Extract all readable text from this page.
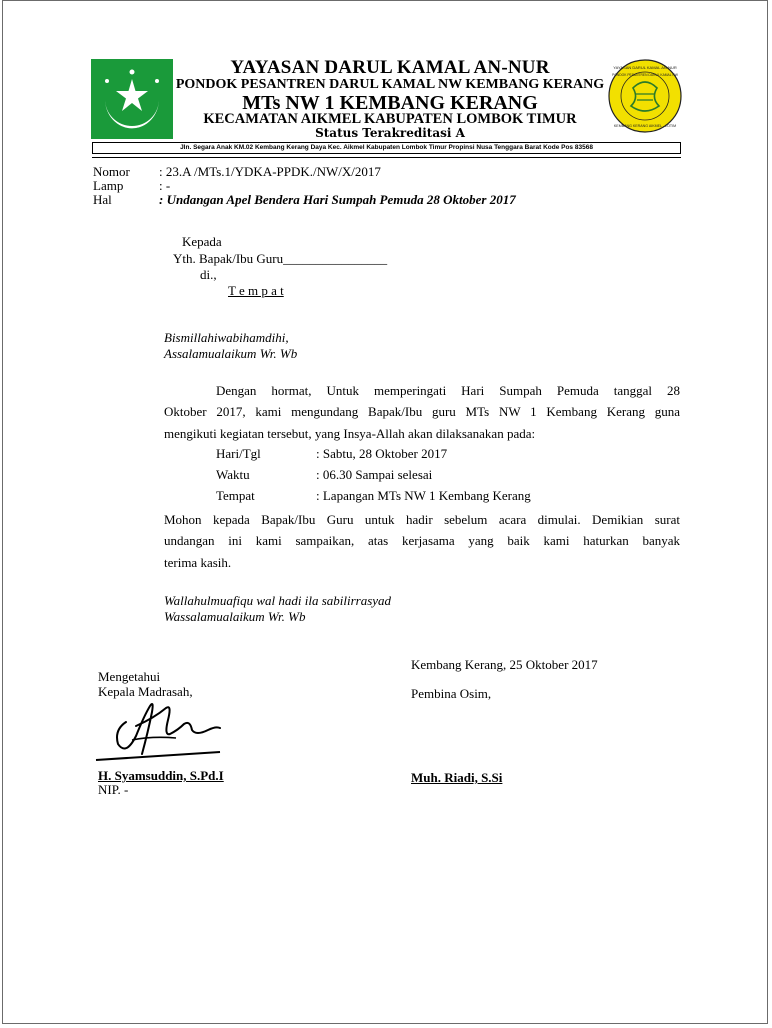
YAYASAN DARUL KAMAL AN-NUR
PONDOK PESANTREN DARUL KAMAL NW
KEMBANG KERANG AIKMEL - LOTIM
YAYASAN DARUL KAMAL AN-NUR
PONDOK PESANTREN DARUL KAMAL NW KEMBANG KERANG
MTs NW 1 KEMBANG KERANG
KECAMATAN AIKMEL KABUPATEN LOMBOK TIMUR
Status Terakreditasi A
Jln. Segara Anak KM.02 Kembang Kerang Daya Kec. Aikmel Kabupaten Lombok Timur Propinsi Nusa Tenggara Barat Kode Pos 83568
Nomor : 23.A /MTs.1/YDKA-PPDK./NW/X/2017
Lamp	: -
Hal	: Undangan Apel Bendera Hari Sumpah Pemuda 28 Oktober 2017
Kepada
Yth. Bapak/Ibu Guru________________
di.,
T e m p a t
Bismillahiwabihamdihi,
Assalamualaikum Wr. Wb
Dengan hormat, Untuk memperingati Hari Sumpah Pemuda tanggal 28
Oktober 2017, kami mengundang Bapak/Ibu guru MTs NW 1 Kembang Kerang guna
mengikuti kegiatan tersebut, yang Insya-Allah akan dilaksanakan pada:
Hari/Tgl	: Sabtu, 28 Oktober 2017
Waktu	: 06.30 Sampai selesai
Tempat	: Lapangan MTs NW 1 Kembang Kerang
Mohon kepada Bapak/Ibu Guru untuk hadir sebelum acara dimulai. Demikian surat
undangan ini kami sampaikan, atas kerjasama yang baik kami haturkan banyak
terima kasih.
Wallahulmuafiqu wal hadi ila sabilirrasyad
Wassalamualaikum Wr. Wb
Kembang Kerang, 25 Oktober 2017
Mengetahui
Kepala Madrasah,	Pembina Osim,
H. Syamsuddin, S.Pd.I
NIP. -
Muh. Riadi, S.Si
